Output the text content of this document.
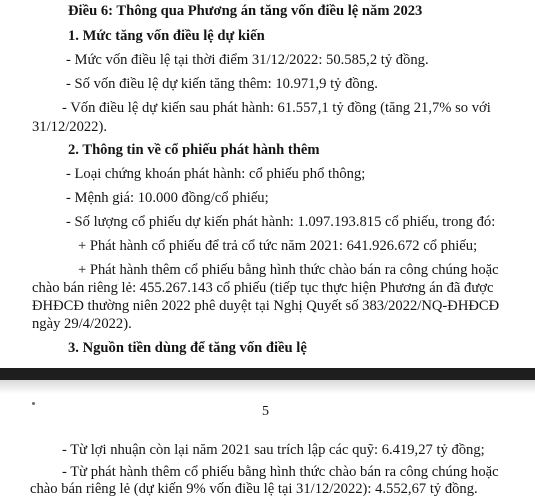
Điều 6: Thông qua Phương án tăng vốn điều lệ năm 2023
1. Mức tăng vốn điều lệ dự kiến
- Mức vốn điều lệ tại thời điểm 31/12/2022: 50.585,2 tỷ đồng.
- Số vốn điều lệ dự kiến tăng thêm: 10.971,9 tỷ đồng.
- Vốn điều lệ dự kiến sau phát hành: 61.557,1 tỷ đồng (tăng 21,7% so với
31/12/2022).
2. Thông tin về cổ phiếu phát hành thêm
- Loại chứng khoán phát hành: cổ phiếu phổ thông;
- Mệnh giá: 10.000 đồng/cổ phiếu;
- Số lượng cổ phiếu dự kiến phát hành: 1.097.193.815 cổ phiếu, trong đó:
+ Phát hành cổ phiếu để trả cổ tức năm 2021: 641.926.672 cổ phiếu;
+ Phát hành thêm cổ phiếu bằng hình thức chào bán ra công chúng hoặc
chào bán riêng lẻ: 455.267.143 cổ phiếu (tiếp tục thực hiện Phương án đã được
ĐHĐCĐ thường niên 2022 phê duyệt tại Nghị Quyết số 383/2022/NQ-ĐHĐCĐ
ngày 29/4/2022).
3. Nguồn tiền dùng để tăng vốn điều lệ
5
- Từ lợi nhuận còn lại năm 2021 sau trích lập các quỹ: 6.419,27 tỷ đồng;
- Từ phát hành thêm cổ phiếu bằng hình thức chào bán ra công chúng hoặc
chào bán riêng lẻ (dự kiến 9% vốn điều lệ tại 31/12/2022): 4.552,67 tỷ đồng.
